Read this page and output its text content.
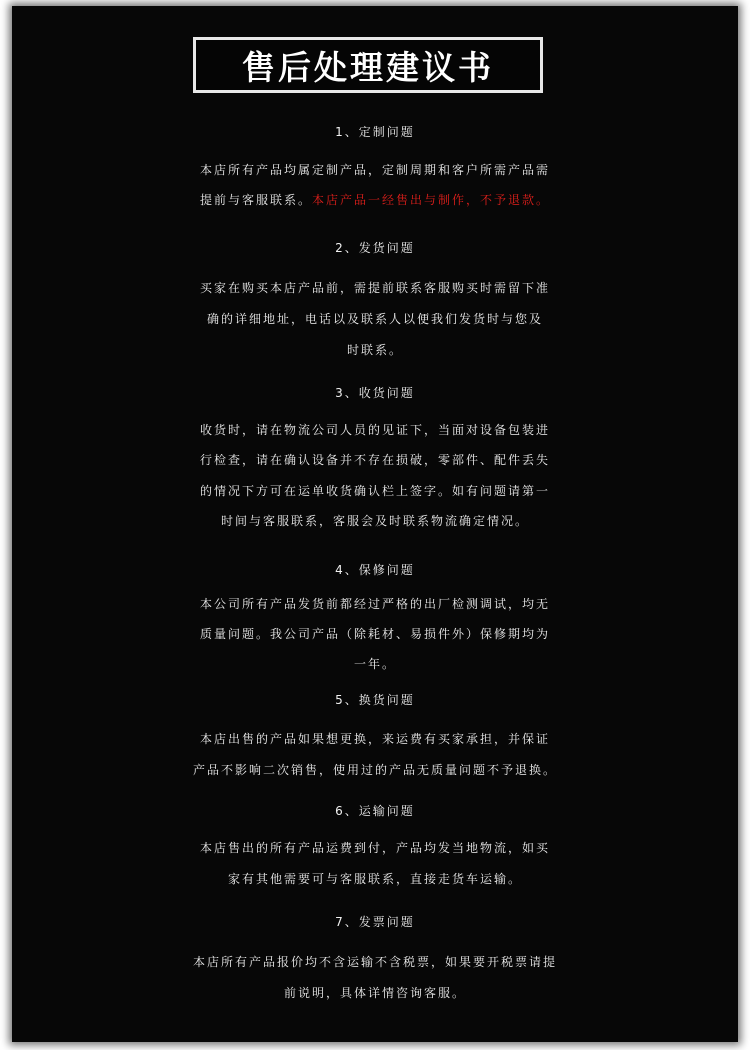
售后处理建议书
1、定制问题
本店所有产品均属定制产品，定制周期和客户所需产品需
提前与客服联系。本店产品一经售出与制作，不予退款。
2、发货问题
买家在购买本店产品前，需提前联系客服购买时需留下准
确的详细地址，电话以及联系人以便我们发货时与您及
时联系。
3、收货问题
收货时，请在物流公司人员的见证下，当面对设备包装进
行检查，请在确认设备并不存在损破，零部件、配件丢失
的情况下方可在运单收货确认栏上签字。如有问题请第一
时间与客服联系，客服会及时联系物流确定情况。
4、保修问题
本公司所有产品发货前都经过严格的出厂检测调试，均无
质量问题。我公司产品（除耗材、易损件外）保修期均为
一年。
5、换货问题
本店出售的产品如果想更换，来运费有买家承担，并保证
产品不影响二次销售，使用过的产品无质量问题不予退换。
6、运输问题
本店售出的所有产品运费到付，产品均发当地物流，如买
家有其他需要可与客服联系，直接走货车运输。
7、发票问题
本店所有产品报价均不含运输不含税票，如果要开税票请提
前说明，具体详情咨询客服。
